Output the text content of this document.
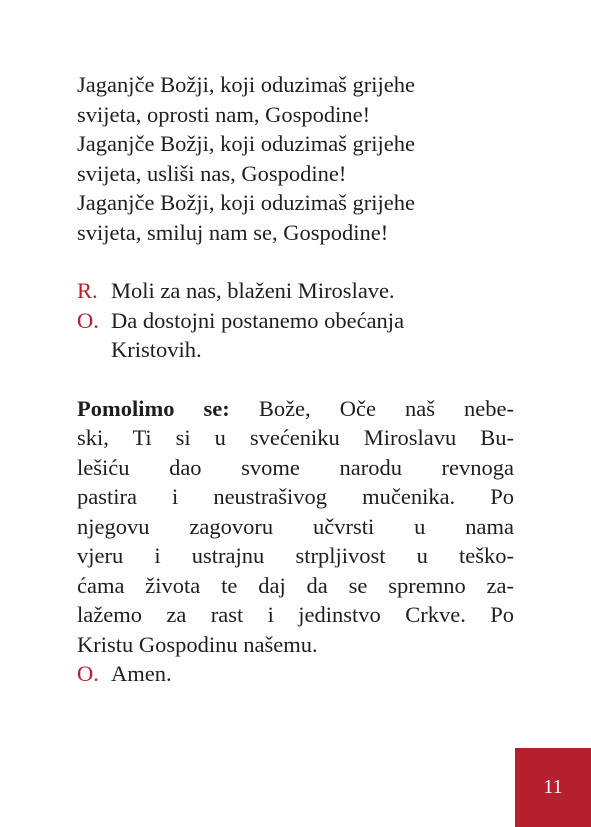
Jaganjče Božji, koji oduzimaš grijehe
svijeta, oprosti nam, Gospodine!
Jaganjče Božji, koji oduzimaš grijehe
svijeta, usliši nas, Gospodine!
Jaganjče Božji, koji oduzimaš grijehe
svijeta, smiluj nam se, Gospodine!
R. Moli za nas, blaženi Miroslave.
O. Da dostojni postanemo obećanja
Kristovih.
Pomolimo se: Bože, Oče naš nebe-
ski, Ti si u svećeniku Miroslavu Bu-
lešiću dao svome narodu revnoga
pastira i neustrašivog mučenika. Po
njegovu zagovoru učvrsti u nama
vjeru i ustrajnu strpljivost u teško-
ćama života te daj da se spremno za-
lažemo za rast i jedinstvo Crkve. Po
Kristu Gospodinu našemu.
O. Amen.
11
